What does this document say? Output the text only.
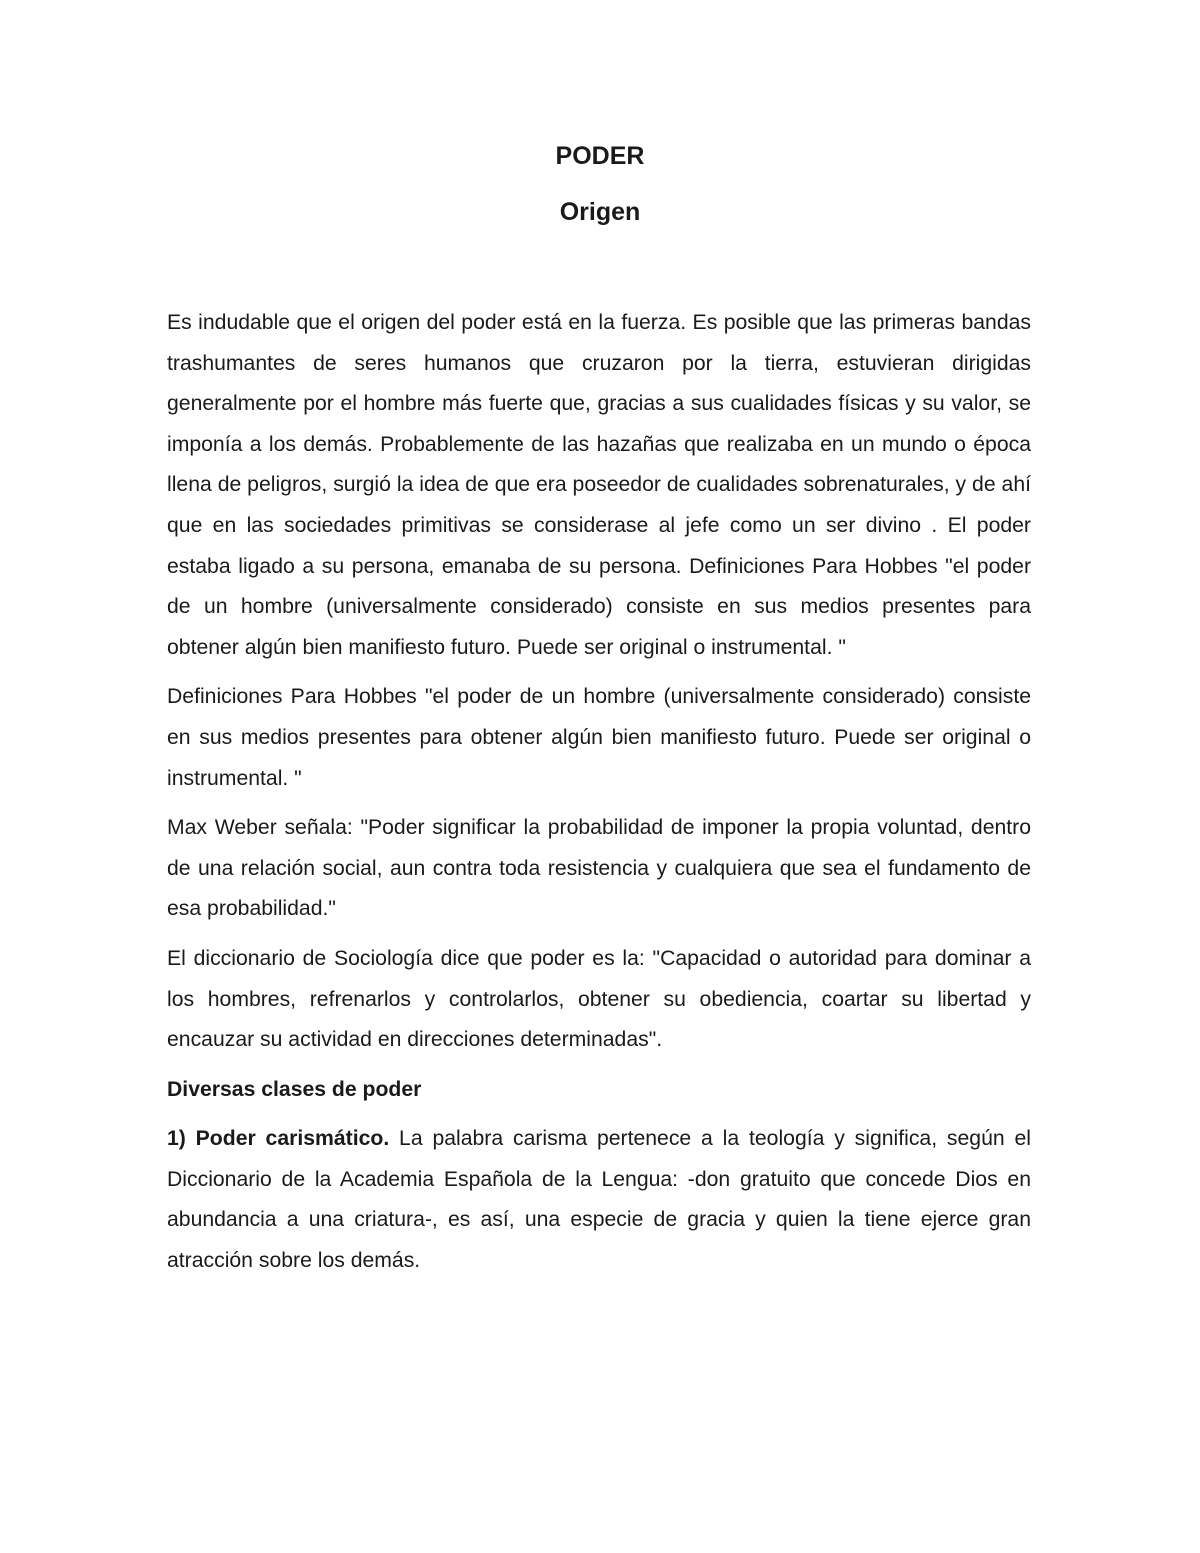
PODER
Origen

Es indudable que el origen del poder está en la fuerza. Es posible que las primeras bandas trashumantes de seres humanos que cruzaron por la tierra, estuvieran dirigidas generalmente por el hombre más fuerte que, gracias a sus cualidades físicas y su valor, se imponía a los demás. Probablemente de las hazañas que realizaba en un mundo o época llena de peligros, surgió la idea de que era poseedor de cualidades sobrenaturales, y de ahí que en las sociedades primitivas se considerase al jefe como un ser divino . El poder estaba ligado a su persona, emanaba de su persona. Definiciones Para Hobbes "el poder de un hombre (universalmente considerado) consiste en sus medios presentes para obtener algún bien manifiesto futuro. Puede ser original o instrumental. "

Definiciones Para Hobbes "el poder de un hombre (universalmente considerado) consiste en sus medios presentes para obtener algún bien manifiesto futuro. Puede ser original o instrumental. "

Max Weber señala: "Poder significar la probabilidad de imponer la propia voluntad, dentro de una relación social, aun contra toda resistencia y cualquiera que sea el fundamento de esa probabilidad."

El diccionario de Sociología dice que poder es la: "Capacidad o autoridad para dominar a los hombres, refrenarlos y controlarlos, obtener su obediencia, coartar su libertad y encauzar su actividad en direcciones determinadas".

Diversas clases de poder

1) Poder carismático. La palabra carisma pertenece a la teología y significa, según el Diccionario de la Academia Española de la Lengua: -don gratuito que concede Dios en abundancia a una criatura-, es así, una especie de gracia y quien la tiene ejerce gran atracción sobre los demás.
